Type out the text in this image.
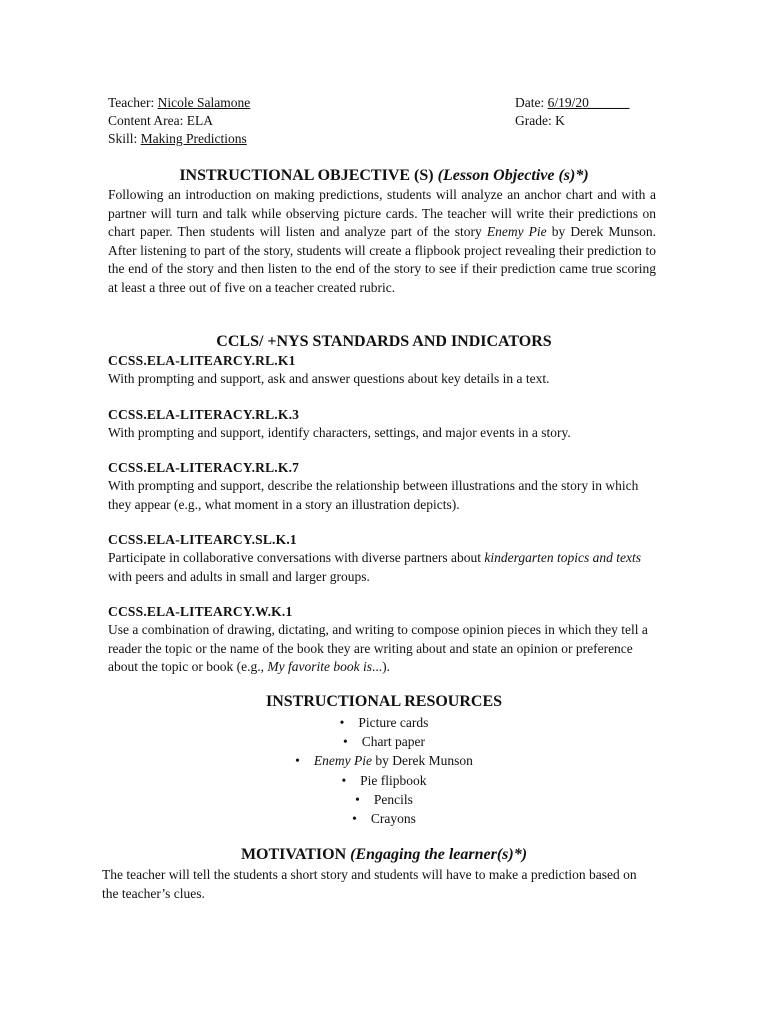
Teacher: Nicole Salamone	Date: 6/19/20______
Content Area: ELA	Grade: K
Skill: Making Predictions
INSTRUCTIONAL OBJECTIVE (S) (Lesson Objective (s)*)
Following an introduction on making predictions, students will analyze an anchor chart and with a partner will turn and talk while observing picture cards. The teacher will write their predictions on chart paper. Then students will listen and analyze part of the story Enemy Pie by Derek Munson. After listening to part of the story, students will create a flipbook project revealing their prediction to the end of the story and then listen to the end of the story to see if their prediction came true scoring at least a three out of five on a teacher created rubric.
CCLS/ +NYS STANDARDS AND INDICATORS
CCSS.ELA-LITEARCY.RL.K1
With prompting and support, ask and answer questions about key details in a text.
CCSS.ELA-LITERACY.RL.K.3
With prompting and support, identify characters, settings, and major events in a story.
CCSS.ELA-LITERACY.RL.K.7
With prompting and support, describe the relationship between illustrations and the story in which they appear (e.g., what moment in a story an illustration depicts).
CCSS.ELA-LITEARCY.SL.K.1
Participate in collaborative conversations with diverse partners about kindergarten topics and texts with peers and adults in small and larger groups.
CCSS.ELA-LITEARCY.W.K.1
Use a combination of drawing, dictating, and writing to compose opinion pieces in which they tell a reader the topic or the name of the book they are writing about and state an opinion or preference about the topic or book (e.g., My favorite book is...).
INSTRUCTIONAL RESOURCES
• Picture cards
• Chart paper
• Enemy Pie by Derek Munson
• Pie flipbook
• Pencils
• Crayons
MOTIVATION (Engaging the learner(s)*)
The teacher will tell the students a short story and students will have to make a prediction based on the teacher’s clues.
